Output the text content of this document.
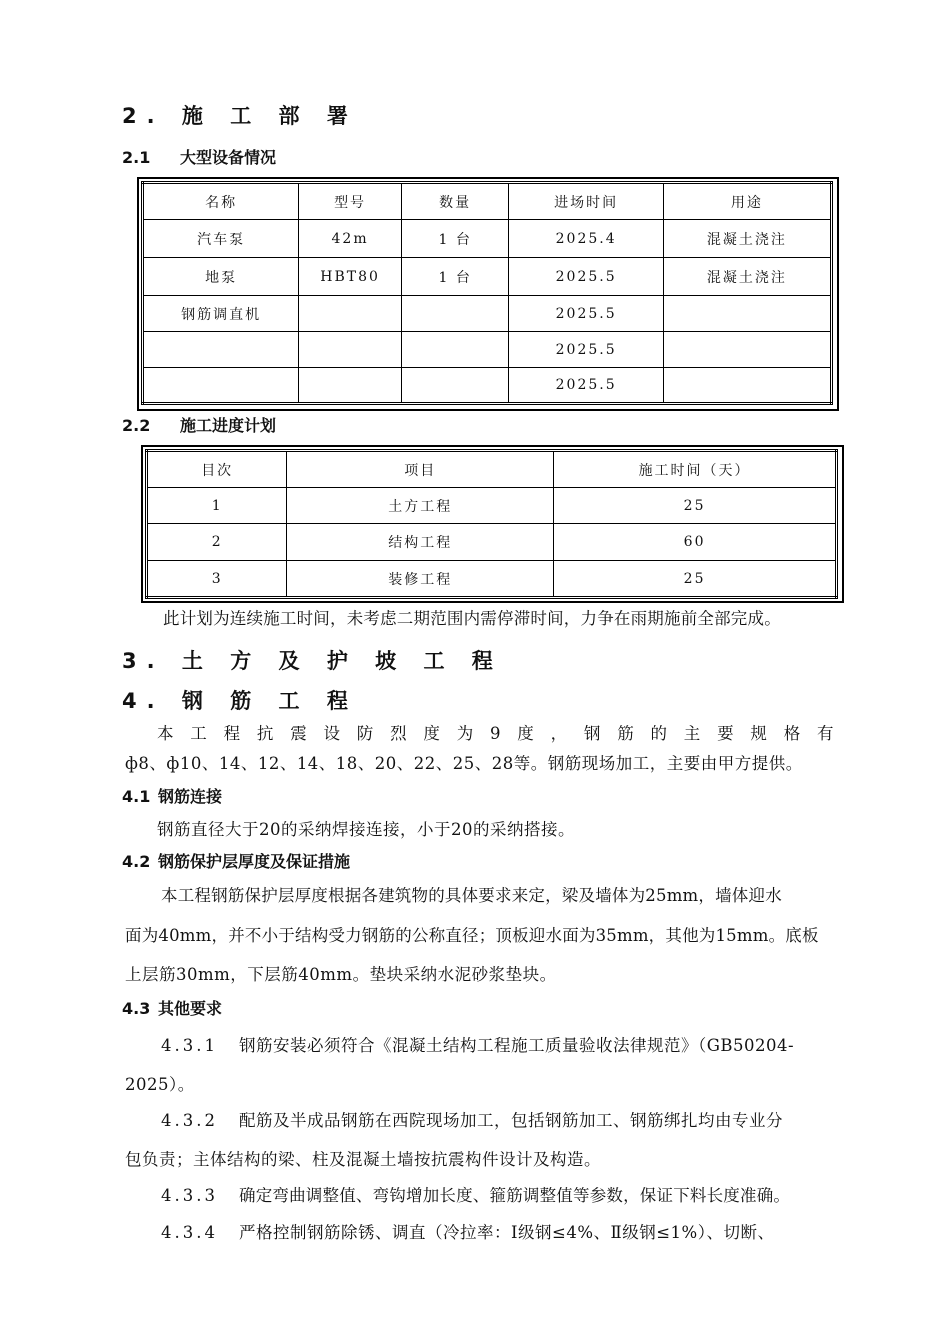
2. 施 工 部 署
2.1 大型设备情况
名称	型号	数量	进场时间	用途
汽车泵	42m	1 台	2025.4	混凝土浇注
地泵	HBT80	1 台	2025.5	混凝土浇注
钢筋调直机			2025.5	
			2025.5	
			2025.5	
2.2 施工进度计划
目次	项目	施工时间（天）
1	土方工程	25
2	结构工程	60
3	装修工程	25
此计划为连续施工时间，未考虑二期范围内需停滞时间，力争在雨期施前全部完成。
3. 土 方 及 护 坡 工 程
4. 钢 筋 工 程
本工程抗震设防烈度为9度，钢筋的主要规格有
ф8、ф10、14、12、14、18、20、22、25、28等。钢筋现场加工，主要由甲方提供。
4.1 钢筋连接
钢筋直径大于20的采纳焊接连接，小于20的采纳搭接。
4.2 钢筋保护层厚度及保证措施
本工程钢筋保护层厚度根据各建筑物的具体要求来定，梁及墙体为25mm，墙体迎水
面为40mm，并不小于结构受力钢筋的公称直径；顶板迎水面为35mm，其他为15mm。底板
上层筋30mm，下层筋40mm。垫块采纳水泥砂浆垫块。
4.3 其他要求
4.3.1 钢筋安装必须符合《混凝土结构工程施工质量验收法律规范》（GB50204-
2025）。
4.3.2 配筋及半成品钢筋在西院现场加工，包括钢筋加工、钢筋绑扎均由专业分
包负责；主体结构的梁、柱及混凝土墙按抗震构件设计及构造。
4.3.3 确定弯曲调整值、弯钩增加长度、箍筋调整值等参数，保证下料长度准确。
4.3.4 严格控制钢筋除锈、调直（冷拉率：Ⅰ级钢≤4%、Ⅱ级钢≤1%）、切断、
